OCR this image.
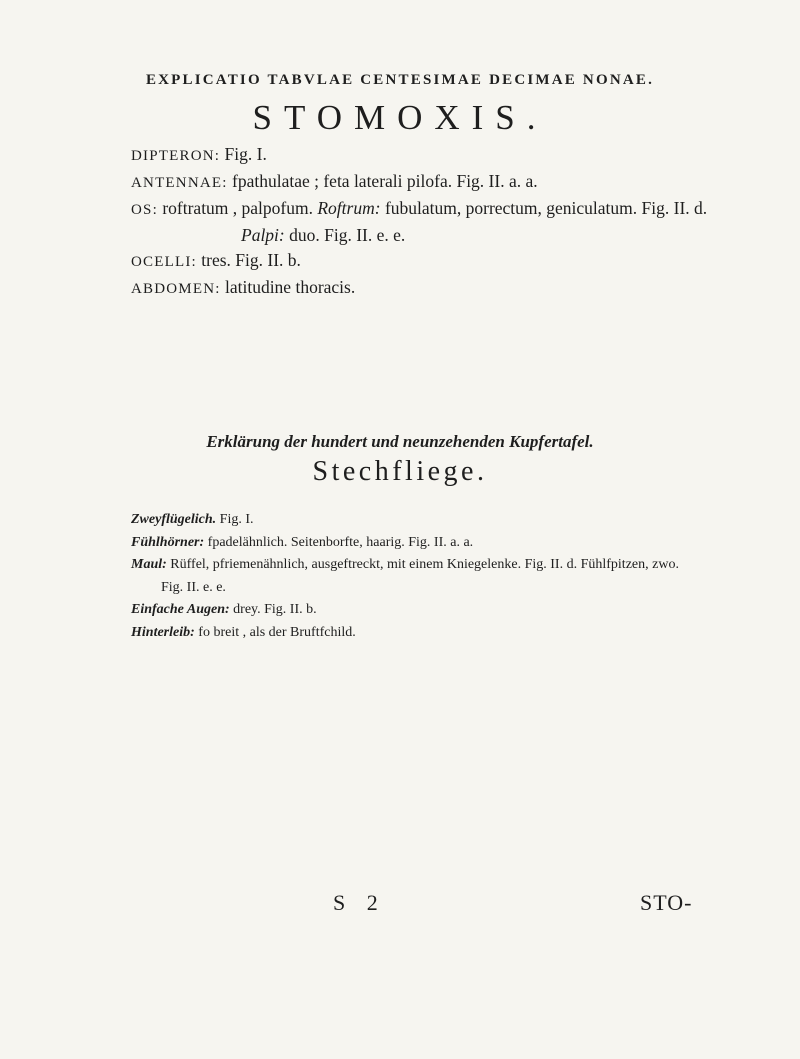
EXPLICATIO TABVLAE CENTESIMAE DECIMAE NONAE.
STOMOXIS.
DIPTERON: Fig. I.
ANTENNAE: fpathulatae ; feta laterali pilofa. Fig. II. a. a.
OS: roftratum , palpofum. Roftrum: fubulatum, porrectum, geniculatum. Fig. II. d.
Palpi: duo. Fig. II. e. e.
OCELLI: tres. Fig. II. b.
ABDOMEN: latitudine thoracis.
Erklärung der hundert und neunzehenden Kupfertafel.
Stechfliege.
Zweyflügelich. Fig. I.
Fühlhörner: fpadelähnlich. Seitenborfte, haarig. Fig. II. a. a.
Maul: Rüffel, pfriemenähnlich, ausgeftreckt, mit einem Kniegelenke. Fig. II. d. Fühlfpitzen, zwo.
Fig. II. e. e.
Einfache Augen: drey. Fig. II. b.
Hinterleib: fo breit , als der Bruftfchild.
S 2	STO-
